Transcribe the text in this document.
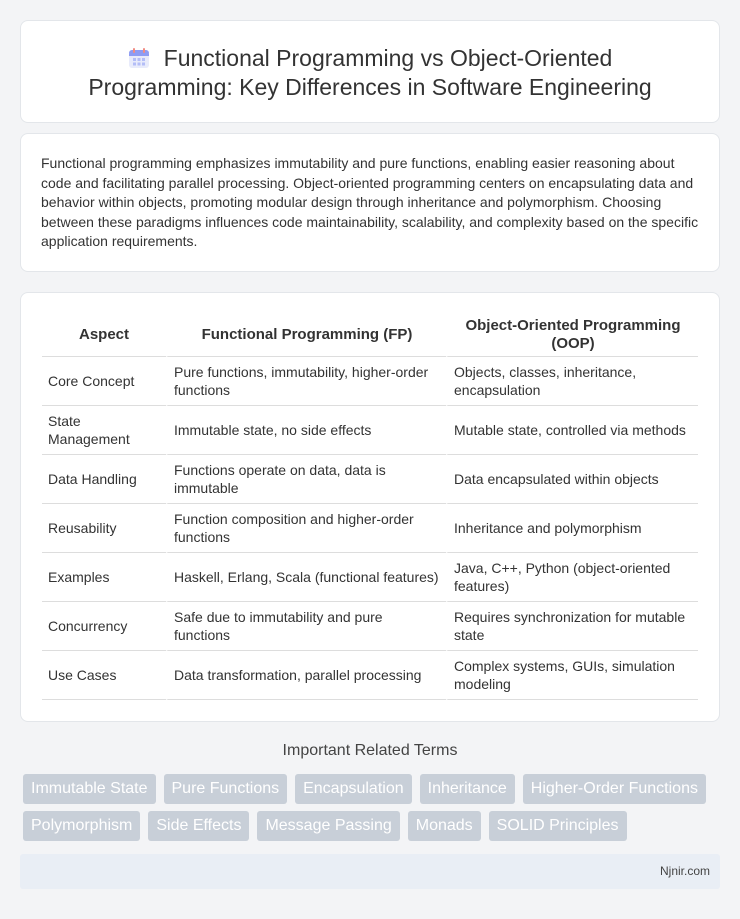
Functional Programming vs Object-Oriented Programming: Key Differences in Software Engineering

Functional programming emphasizes immutability and pure functions, enabling easier reasoning about code and facilitating parallel processing. Object-oriented programming centers on encapsulating data and behavior within objects, promoting modular design through inheritance and polymorphism. Choosing between these paradigms influences code maintainability, scalability, and complexity based on the specific application requirements.

Aspect	Functional Programming (FP)	Object-Oriented Programming (OOP)
Core Concept	Pure functions, immutability, higher-order functions	Objects, classes, inheritance, encapsulation
State Management	Immutable state, no side effects	Mutable state, controlled via methods
Data Handling	Functions operate on data, data is immutable	Data encapsulated within objects
Reusability	Function composition and higher-order functions	Inheritance and polymorphism
Examples	Haskell, Erlang, Scala (functional features)	Java, C++, Python (object-oriented features)
Concurrency	Safe due to immutability and pure functions	Requires synchronization for mutable state
Use Cases	Data transformation, parallel processing	Complex systems, GUIs, simulation modeling
Important Related Terms
Immutable State	Pure Functions	Encapsulation	Inheritance	Higher-Order Functions
Polymorphism	Side Effects	Message Passing	Monads	SOLID Principles
Njnir.com
